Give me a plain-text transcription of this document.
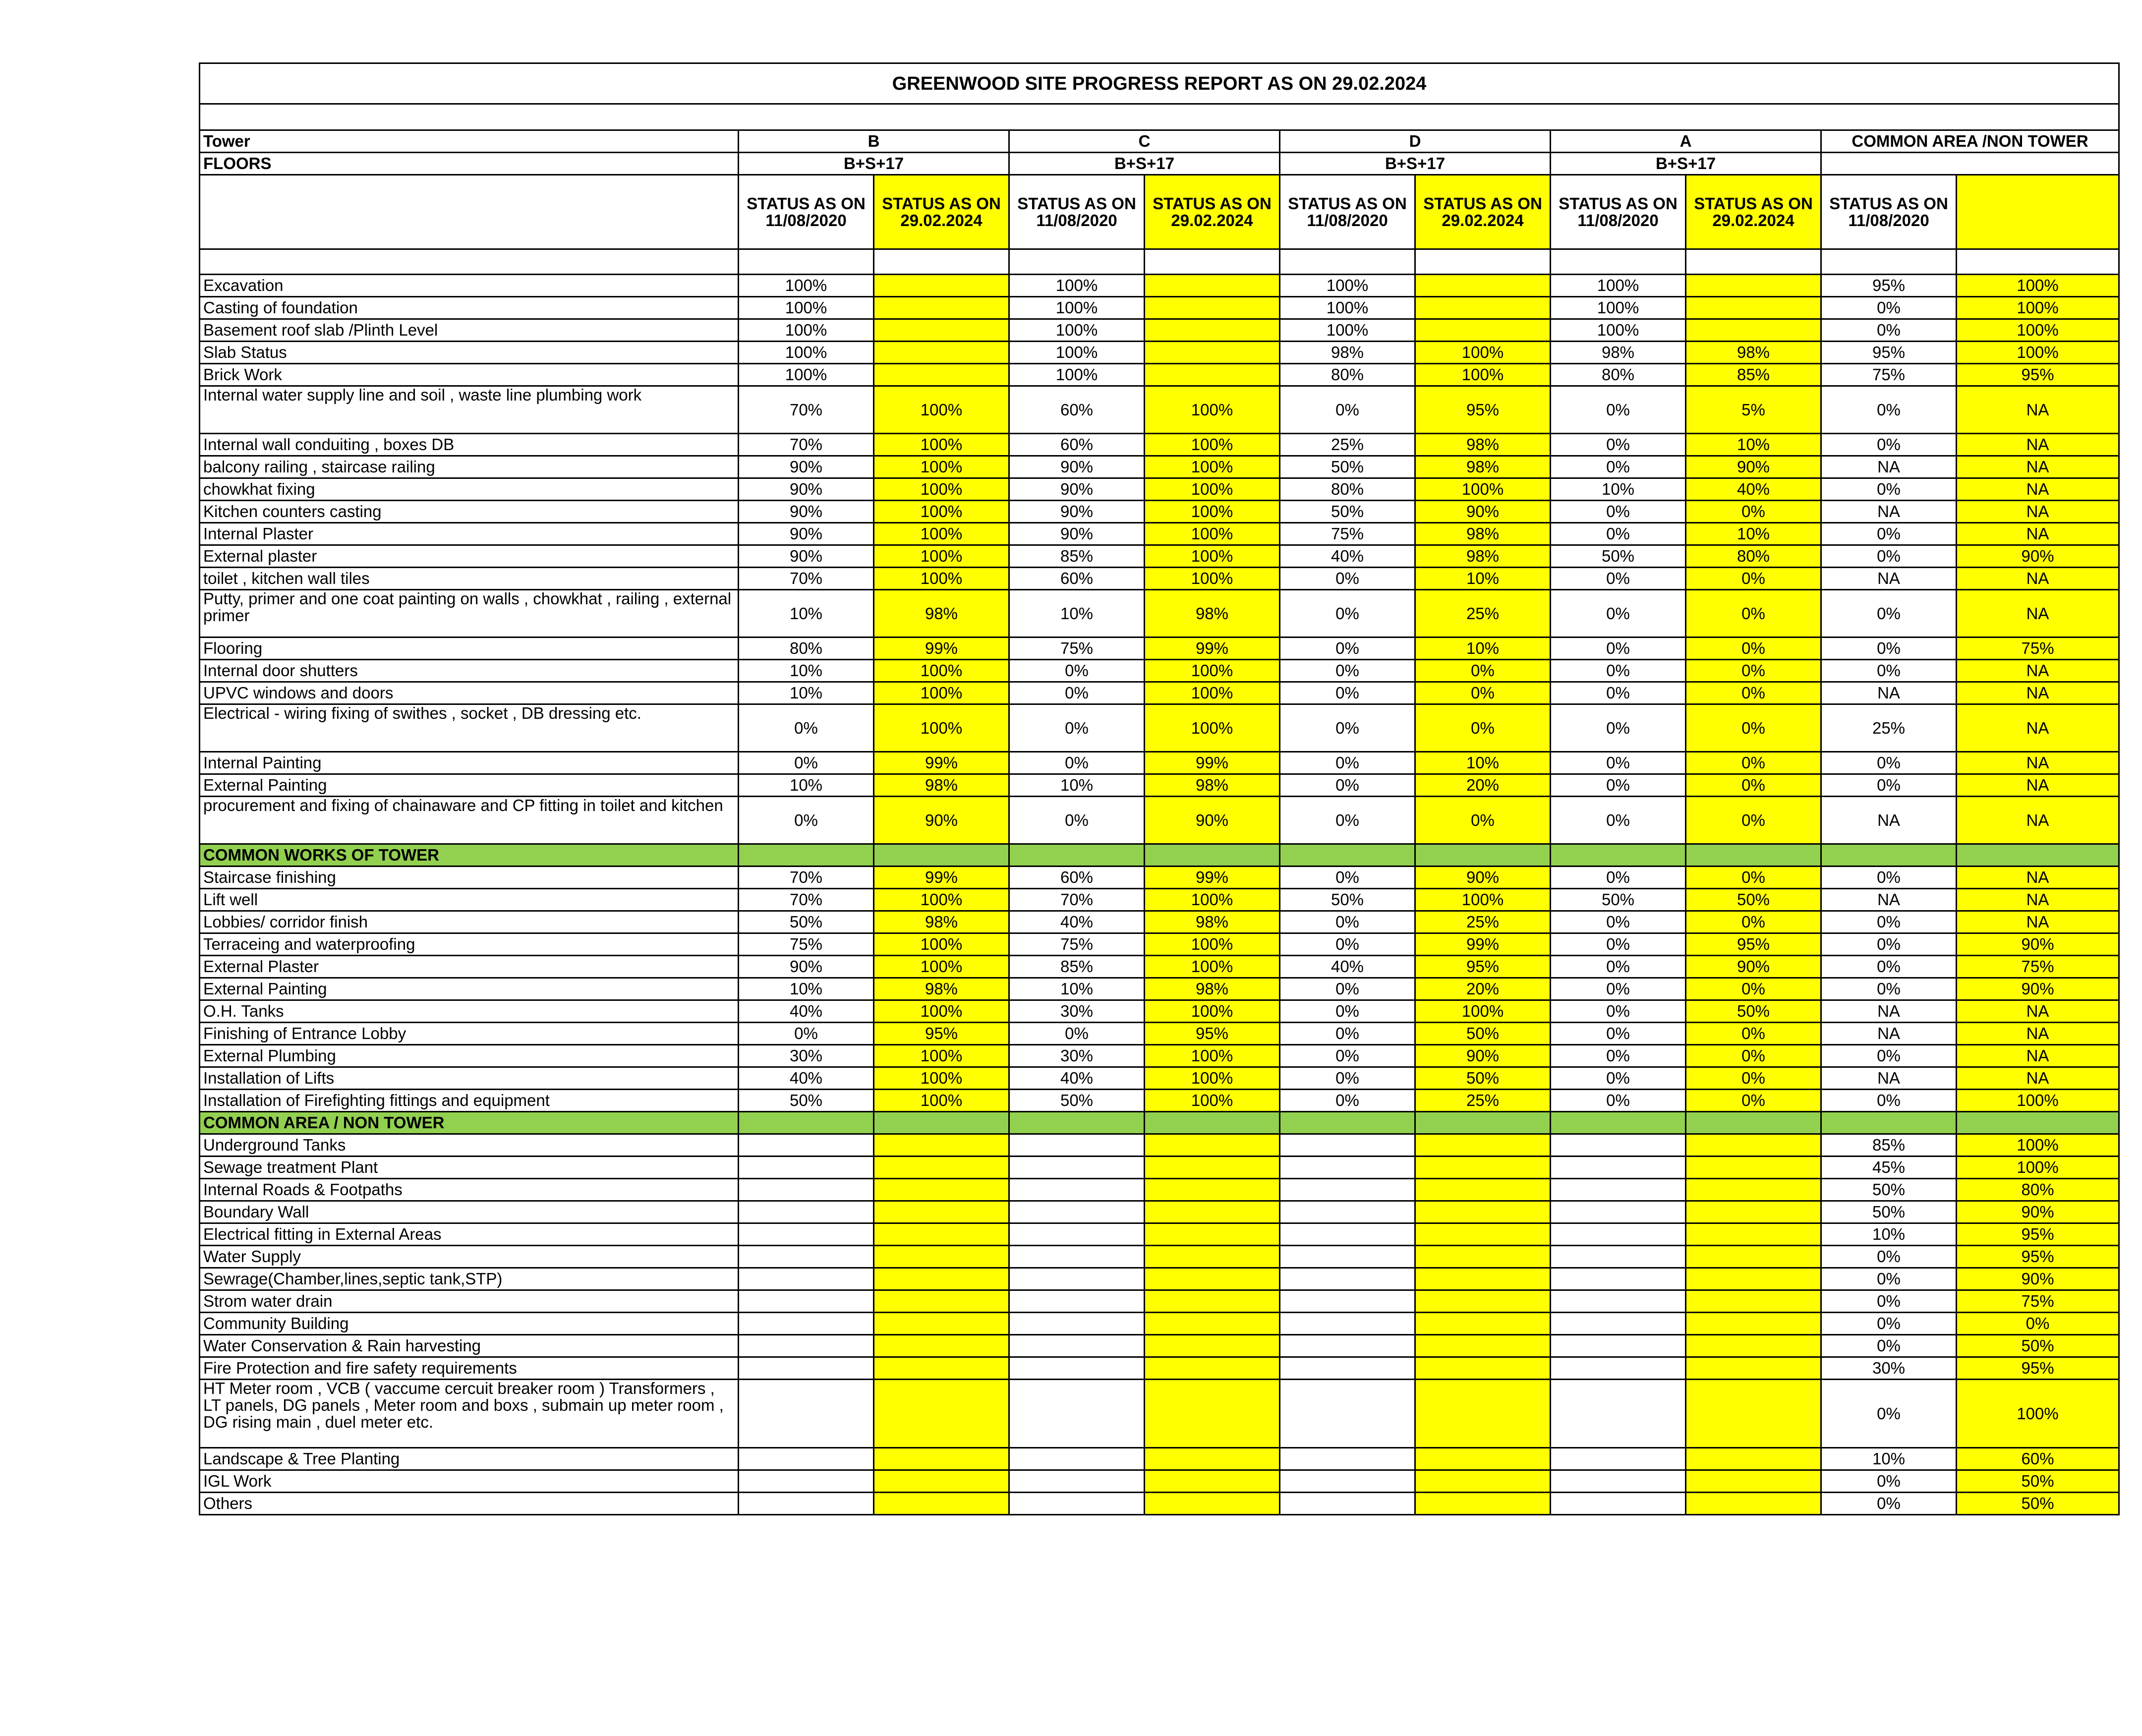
GREENWOOD SITE PROGRESS REPORT AS ON 29.02.2024										

Tower	B		C		D		A		COMMON AREA /NON TOWER	
FLOORS	B+S+17		B+S+17		B+S+17		B+S+17			
	STATUS AS ON 11/08/2020	STATUS AS ON 29.02.2024	STATUS AS ON 11/08/2020	STATUS AS ON 29.02.2024	STATUS AS ON 11/08/2020	STATUS AS ON 29.02.2024	STATUS AS ON 11/08/2020	STATUS AS ON 29.02.2024	STATUS AS ON 11/08/2020	

Excavation	100%		100%		100%		100%		95%	100%
Casting of foundation	100%		100%		100%		100%		0%	100%
Basement roof slab /Plinth Level	100%		100%		100%		100%		0%	100%
Slab Status	100%		100%		98%	100%	98%	98%	95%	100%
Brick Work	100%		100%		80%	100%	80%	85%	75%	95%
Internal water supply line and soil , waste line plumbing work	70%	100%	60%	100%	0%	95%	0%	5%	0%	NA
Internal wall conduiting , boxes DB	70%	100%	60%	100%	25%	98%	0%	10%	0%	NA
balcony railing , staircase railing	90%	100%	90%	100%	50%	98%	0%	90%	NA	NA
chowkhat fixing	90%	100%	90%	100%	80%	100%	10%	40%	0%	NA
Kitchen counters casting	90%	100%	90%	100%	50%	90%	0%	0%	NA	NA
Internal Plaster	90%	100%	90%	100%	75%	98%	0%	10%	0%	NA
External plaster	90%	100%	85%	100%	40%	98%	50%	80%	0%	90%
toilet , kitchen wall tiles	70%	100%	60%	100%	0%	10%	0%	0%	NA	NA
Putty, primer and one coat painting on walls , chowkhat , railing , external primer	10%	98%	10%	98%	0%	25%	0%	0%	0%	NA
Flooring	80%	99%	75%	99%	0%	10%	0%	0%	0%	75%
Internal door shutters	10%	100%	0%	100%	0%	0%	0%	0%	0%	NA
UPVC windows and doors	10%	100%	0%	100%	0%	0%	0%	0%	NA	NA
Electrical - wiring fixing of swithes , socket , DB dressing etc.	0%	100%	0%	100%	0%	0%	0%	0%	25%	NA
Internal Painting	0%	99%	0%	99%	0%	10%	0%	0%	0%	NA
External Painting	10%	98%	10%	98%	0%	20%	0%	0%	0%	NA
procurement and fixing of chainaware and CP fitting in toilet and kitchen	0%	90%	0%	90%	0%	0%	0%	0%	NA	NA
COMMON WORKS OF TOWER										
Staircase finishing	70%	99%	60%	99%	0%	90%	0%	0%	0%	NA
Lift well	70%	100%	70%	100%	50%	100%	50%	50%	NA	NA
Lobbies/ corridor finish	50%	98%	40%	98%	0%	25%	0%	0%	0%	NA
Terraceing and waterproofing	75%	100%	75%	100%	0%	99%	0%	95%	0%	90%
External Plaster	90%	100%	85%	100%	40%	95%	0%	90%	0%	75%
External Painting	10%	98%	10%	98%	0%	20%	0%	0%	0%	90%
O.H. Tanks	40%	100%	30%	100%	0%	100%	0%	50%	NA	NA
Finishing of Entrance Lobby	0%	95%	0%	95%	0%	50%	0%	0%	NA	NA
External Plumbing	30%	100%	30%	100%	0%	90%	0%	0%	0%	NA
Installation of Lifts	40%	100%	40%	100%	0%	50%	0%	0%	NA	NA
Installation of Firefighting fittings and equipment	50%	100%	50%	100%	0%	25%	0%	0%	0%	100%
COMMON AREA / NON TOWER										
Underground Tanks									85%	100%
Sewage treatment Plant									45%	100%
Internal Roads & Footpaths									50%	80%
Boundary Wall									50%	90%
Electrical fitting in External Areas									10%	95%
Water Supply									0%	95%
Sewrage(Chamber,lines,septic tank,STP)									0%	90%
Strom water drain									0%	75%
Community Building									0%	0%
Water Conservation & Rain harvesting									0%	50%
Fire Protection and fire safety requirements									30%	95%
HT Meter room , VCB ( vaccume cercuit breaker room ) Transformers , LT panels, DG panels , Meter room and boxs , submain up meter room , DG rising main , duel meter etc.									0%	100%
Landscape & Tree Planting									10%	60%
IGL Work									0%	50%
Others									0%	50%
